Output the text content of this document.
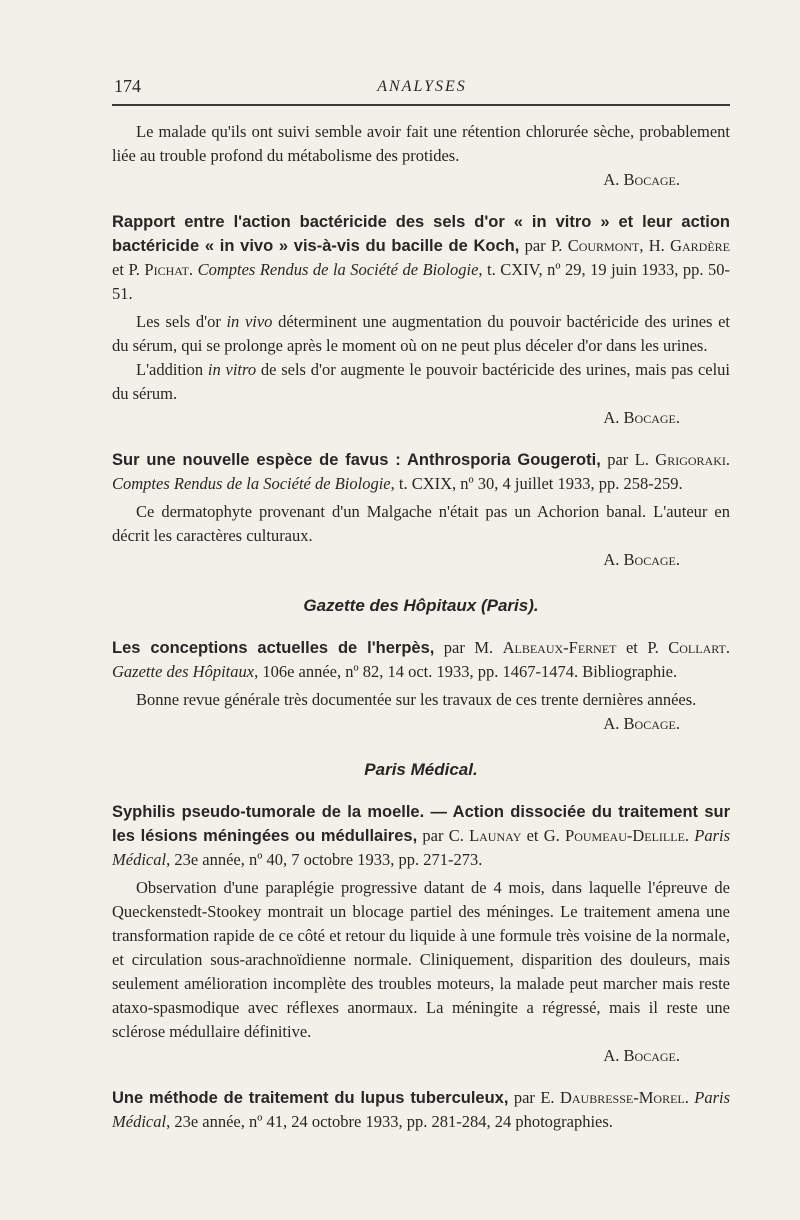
174	ANALYSES

Le malade qu'ils ont suivi semble avoir fait une rétention chlorurée sèche, probablement liée au trouble profond du métabolisme des protides.
A. Bocage.

Rapport entre l'action bactéricide des sels d'or « in vitro » et leur action bactéricide « in vivo » vis-à-vis du bacille de Koch, par P. Courmont, H. Gardère et P. Pichat. Comptes Rendus de la Société de Biologie, t. CXIV, nº 29, 19 juin 1933, pp. 50-51.

Les sels d'or in vivo déterminent une augmentation du pouvoir bactéricide des urines et du sérum, qui se prolonge après le moment où on ne peut plus déceler d'or dans les urines.

L'addition in vitro de sels d'or augmente le pouvoir bactéricide des urines, mais pas celui du sérum.
A. Bocage.

Sur une nouvelle espèce de favus : Anthrosporia Gougeroti, par L. Grigoraki. Comptes Rendus de la Société de Biologie, t. CXIX, nº 30, 4 juillet 1933, pp. 258-259.

Ce dermatophyte provenant d'un Malgache n'était pas un Achorion banal. L'auteur en décrit les caractères culturaux.
A. Bocage.

Gazette des Hôpitaux (Paris).

Les conceptions actuelles de l'herpès, par M. Albeaux-Fernet et P. Collart. Gazette des Hôpitaux, 106e année, nº 82, 14 oct. 1933, pp. 1467-1474. Bibliographie.

Bonne revue générale très documentée sur les travaux de ces trente dernières années.
A. Bocage.

Paris Médical.

Syphilis pseudo-tumorale de la moelle. — Action dissociée du traitement sur les lésions méningées ou médullaires, par C. Launay et G. Poumeau-Delille. Paris Médical, 23e année, nº 40, 7 octobre 1933, pp. 271-273.

Observation d'une paraplégie progressive datant de 4 mois, dans laquelle l'épreuve de Queckenstedt-Stookey montrait un blocage partiel des méninges. Le traitement amena une transformation rapide de ce côté et retour du liquide à une formule très voisine de la normale, et circulation sous-arachnoïdienne normale. Cliniquement, disparition des douleurs, mais seulement amélioration incomplète des troubles moteurs, la malade peut marcher mais reste ataxo-spasmodique avec réflexes anormaux. La méningite a régressé, mais il reste une sclérose médullaire définitive.
A. Bocage.

Une méthode de traitement du lupus tuberculeux, par E. Daubresse-Morel. Paris Médical, 23e année, nº 41, 24 octobre 1933, pp. 281-284, 24 photographies.
